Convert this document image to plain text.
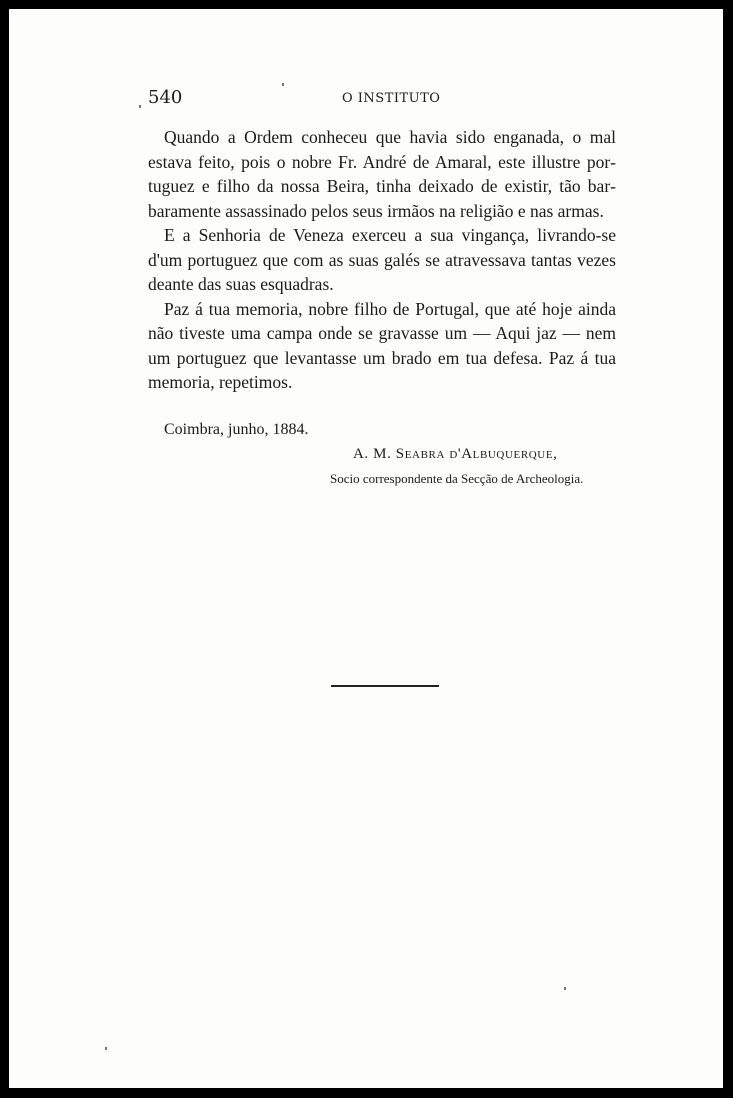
540	O INSTITUTO

Quando a Ordem conheceu que havia sido enganada, o mal estava feito, pois o nobre Fr. André de Amaral, este illustre portuguez e filho da nossa Beira, tinha deixado de existir, tão barbaramente assassinado pelos seus irmãos na religião e nas armas.

E a Senhoria de Veneza exerceu a sua vingança, livrando-se d'um portuguez que com as suas galés se atravessava tantas vezes deante das suas esquadras.

Paz á tua memoria, nobre filho de Portugal, que até hoje ainda não tiveste uma campa onde se gravasse um — Aqui jaz — nem um portuguez que levantasse um brado em tua defesa. Paz á tua memoria, repetimos.

Coimbra, junho, 1884.
A. M. Seabra d'Albuquerque,
Socio correspondente da Secção de Archeologia.
